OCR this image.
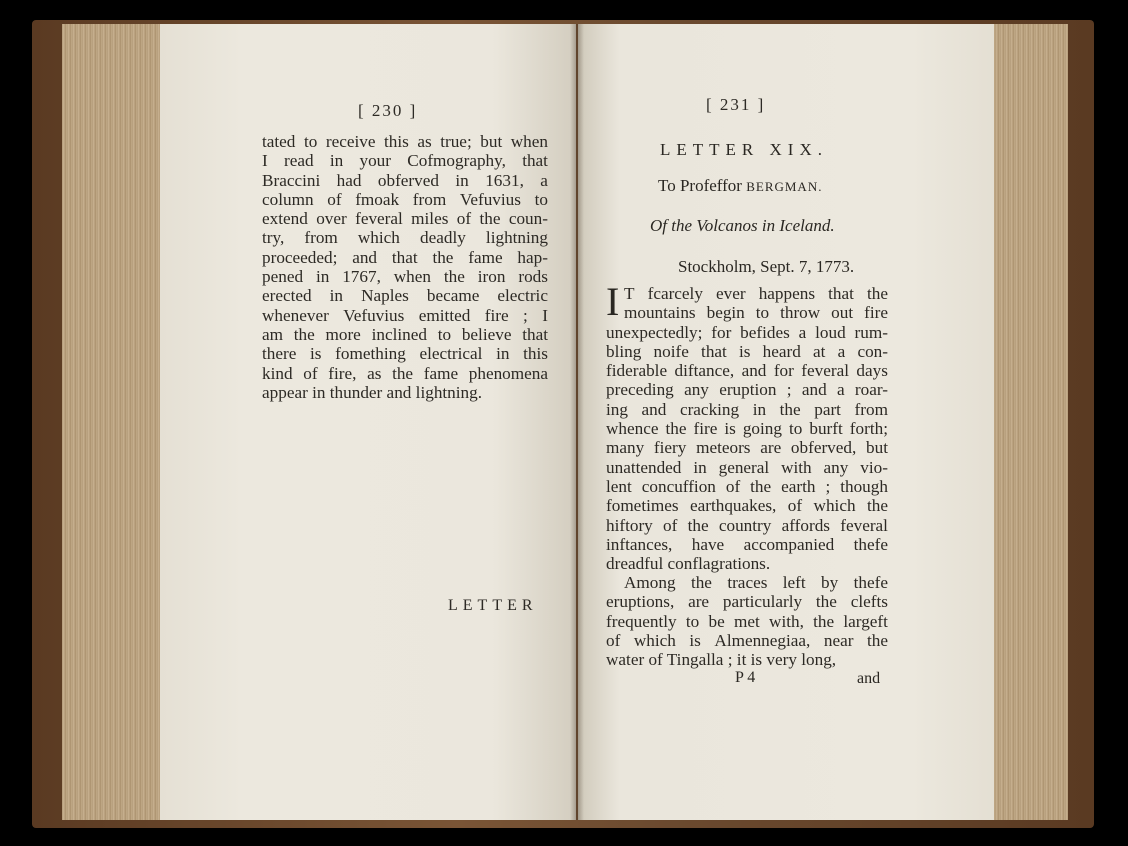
[ 230 ]
tated to receive this as true; but when
I read in your Cofmography, that
Braccini had obferved in 1631, a
column of fmoak from Vefuvius to
extend over feveral miles of the coun-
try, from which deadly lightning
proceeded; and that the fame hap-
pened in 1767, when the iron rods
erected in Naples became electric
whenever Vefuvius emitted fire ; I
am the more inclined to believe that
there is fomething electrical in this
kind of fire, as the fame phenomena
appear in thunder and lightning.
LETTER
[ 231 ]
LETTER XIX.
To Profeffor BERGMAN.
Of the Volcanos in Iceland.
Stockholm, Sept. 7, 1773.
I T fcarcely ever happens that the
mountains begin to throw out fire
unexpectedly; for befides a loud rum-
bling noife that is heard at a con-
fiderable diftance, and for feveral days
preceding any eruption ; and a roar-
ing and cracking in the part from
whence the fire is going to burft forth;
many fiery meteors are obferved, but
unattended in general with any vio-
lent concuffion of the earth ; though
fometimes earthquakes, of which the
hiftory of the country affords feveral
inftances, have accompanied thefe
dreadful conflagrations.
Among the traces left by thefe
eruptions, are particularly the clefts
frequently to be met with, the largeft
of which is Almennegiaa, near the
water of Tingalla ; it is very long,
P 4	and
